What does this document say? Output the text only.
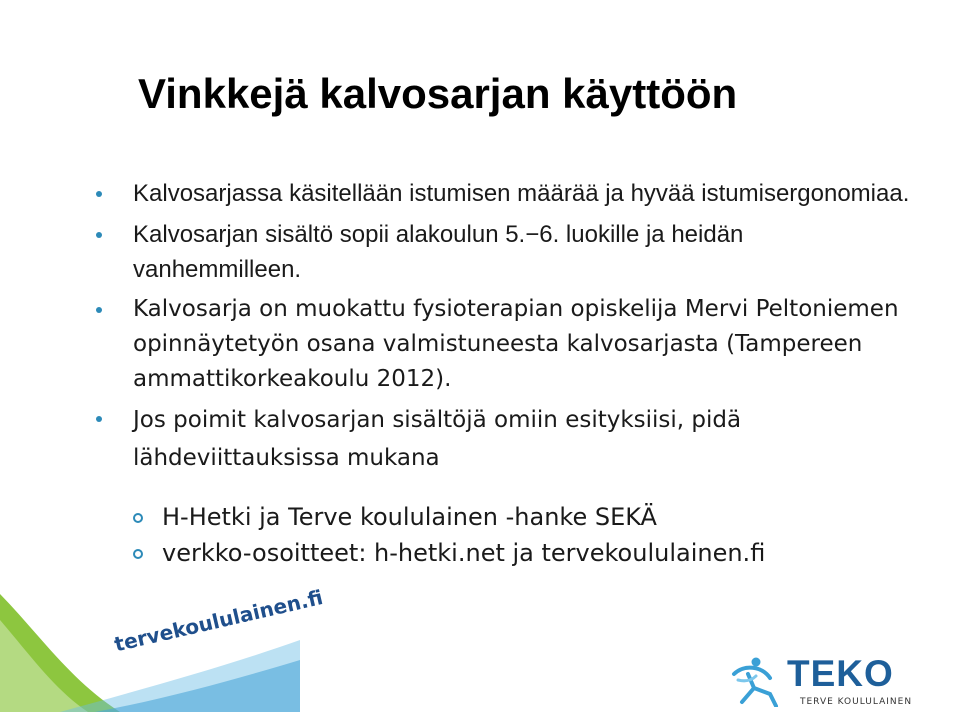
Vinkkejä kalvosarjan käyttöön
Kalvosarjassa käsitellään istumisen määrää ja hyvää istumisergonomiaa.
Kalvosarjan sisältö sopii alakoulun 5.−6. luokille ja heidän vanhemmilleen.
Kalvosarja on muokattu fysioterapian opiskelija Mervi Peltoniemen opinnäytetyön osana valmistuneesta kalvosarjasta (Tampereen ammattikorkeakoulu 2012).
Jos poimit kalvosarjan sisältöjä omiin esityksiisi, pidä lähdeviittauksissa mukana
H-Hetki ja Terve koululainen -hanke SEKÄ
verkko-osoitteet: h-hetki.net ja tervekoululainen.fi
tervekoululainen.fi
TEKO
TERVE KOULULAINEN
